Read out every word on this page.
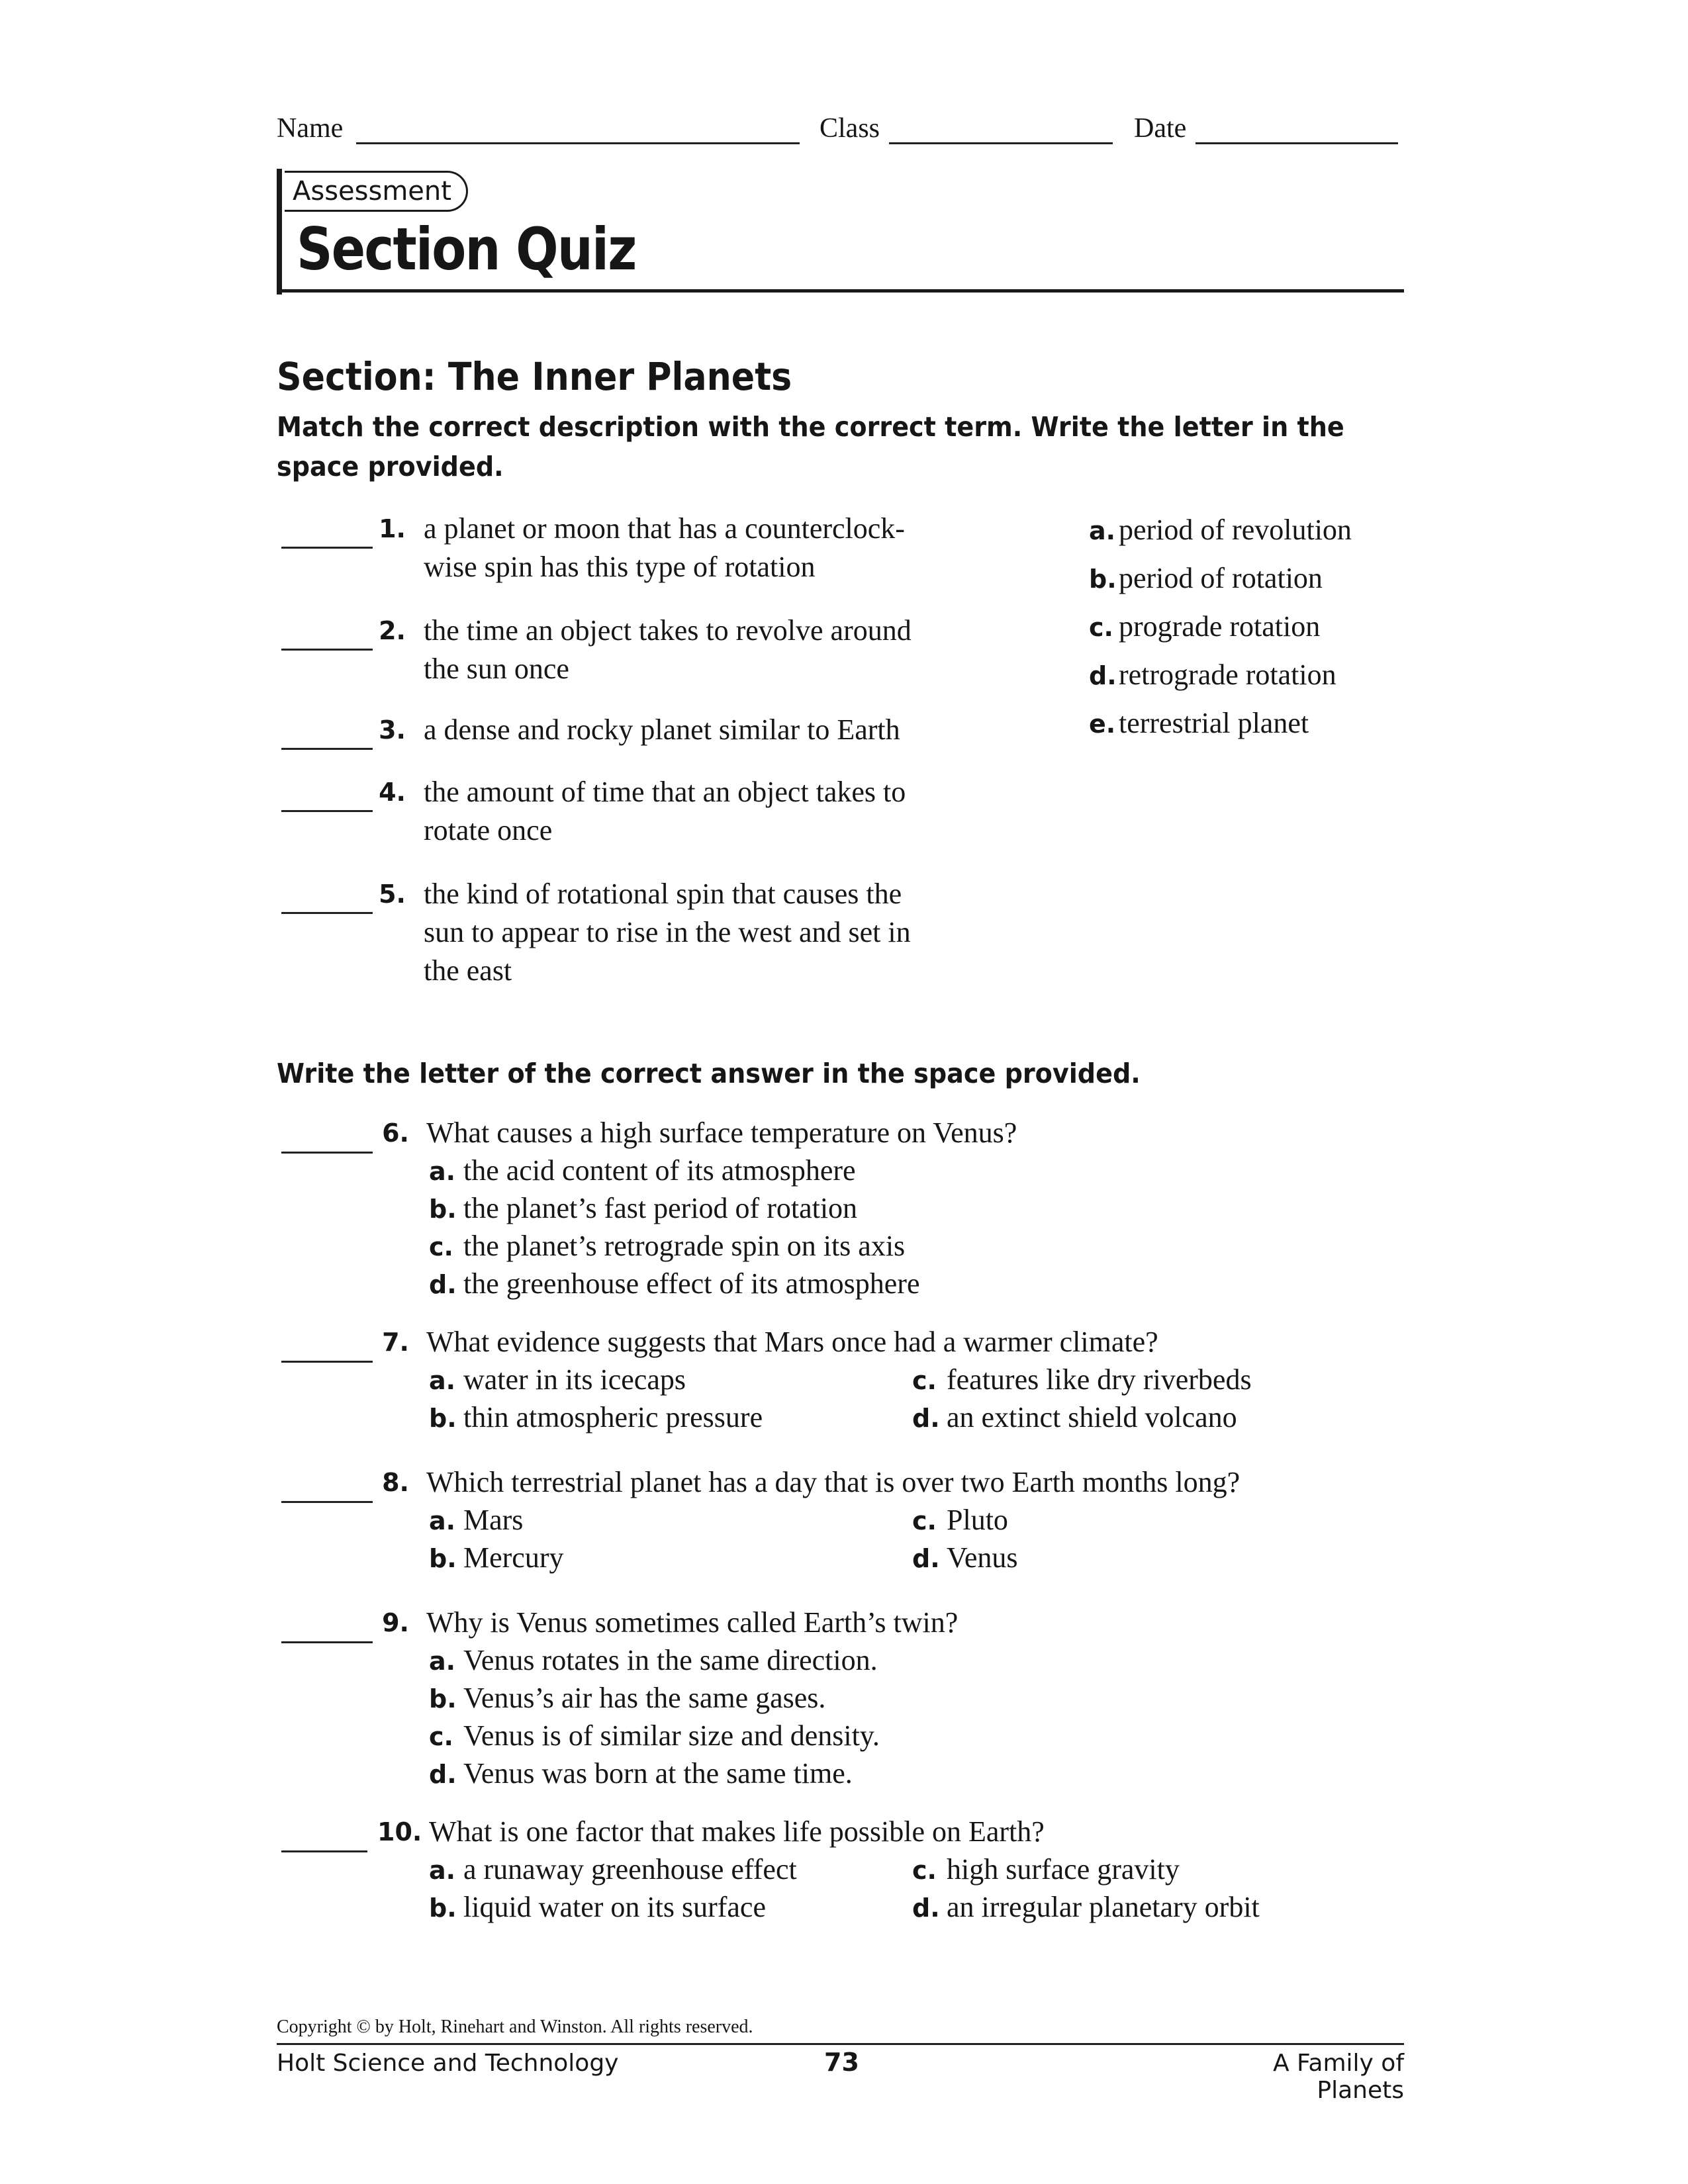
Name	Class	Date
Assessment
Section Quiz
Section: The Inner Planets
Match the correct description with the correct term. Write the letter in the space provided.
1. a planet or moon that has a counterclock-
wise spin has this type of rotation
2. the time an object takes to revolve around
the sun once
3. a dense and rocky planet similar to Earth
4. the amount of time that an object takes to
rotate once
5. the kind of rotational spin that causes the
sun to appear to rise in the west and set in
the east
a. period of revolution
b. period of rotation
c. prograde rotation
d. retrograde rotation
e. terrestrial planet
Write the letter of the correct answer in the space provided.
6. What causes a high surface temperature on Venus?
a. the acid content of its atmosphere
b. the planet’s fast period of rotation
c. the planet’s retrograde spin on its axis
d. the greenhouse effect of its atmosphere
7. What evidence suggests that Mars once had a warmer climate?
a. water in its icecaps
b. thin atmospheric pressure
c. features like dry riverbeds
d. an extinct shield volcano
8. Which terrestrial planet has a day that is over two Earth months long?
a. Mars
b. Mercury
c. Pluto
d. Venus
9. Why is Venus sometimes called Earth’s twin?
a. Venus rotates in the same direction.
b. Venus’s air has the same gases.
c. Venus is of similar size and density.
d. Venus was born at the same time.
10. What is one factor that makes life possible on Earth?
a. a runaway greenhouse effect
b. liquid water on its surface
c. high surface gravity
d. an irregular planetary orbit
Copyright © by Holt, Rinehart and Winston. All rights reserved.
Holt Science and Technology	73	A Family of Planets
